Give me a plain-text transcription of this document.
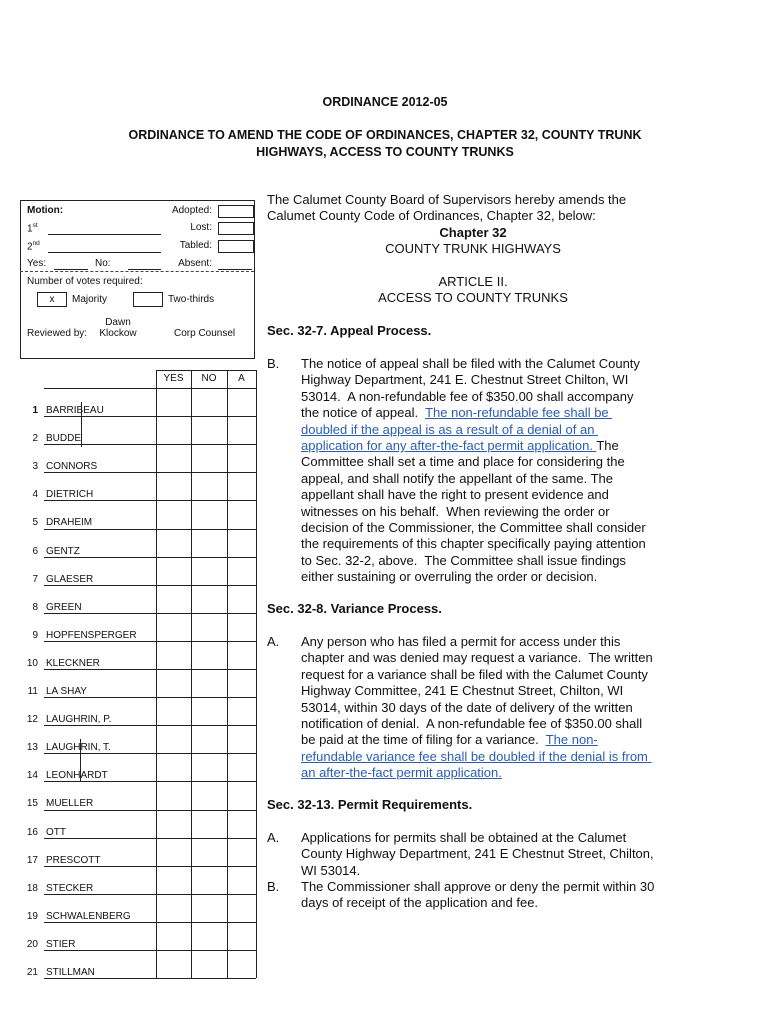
ORDINANCE 2012-05
ORDINANCE TO AMEND THE CODE OF ORDINANCES, CHAPTER 32, COUNTY TRUNK
HIGHWAYS, ACCESS TO COUNTY TRUNKS
Motion:
1st
2nd
Yes:	No:
Adopted:
Lost:
Tabled:
Absent:
Number of votes required:
x	Majority	Two-thirds
Reviewed by:
Dawn
Klockow	Corp Counsel
YES	NO	A
1 BARRIBEAU
2 BUDDE
3 CONNORS
4 DIETRICH
5 DRAHEIM
6 GENTZ
7 GLAESER
8 GREEN
9 HOPFENSPERGER
10 KLECKNER
11 LA SHAY
12 LAUGHRIN, P.
13 LAUGHRIN, T.
14 LEONHARDT
15 MUELLER
16 OTT
17 PRESCOTT
18 STECKER
19 SCHWALENBERG
20 STIER
21 STILLMAN
The Calumet County Board of Supervisors hereby amends the
Calumet County Code of Ordinances, Chapter 32, below:
Chapter 32
COUNTY TRUNK HIGHWAYS
ARTICLE II.
ACCESS TO COUNTY TRUNKS
Sec. 32-7. Appeal Process.
B. The notice of appeal shall be filed with the Calumet County
Highway Department, 241 E. Chestnut Street Chilton, WI
53014.  A non-refundable fee of $350.00 shall accompany
the notice of appeal.  The non-refundable fee shall be
doubled if the appeal is as a result of a denial of an
application for any after-the-fact permit application. The
Committee shall set a time and place for considering the
appeal, and shall notify the appellant of the same. The
appellant shall have the right to present evidence and
witnesses on his behalf.  When reviewing the order or
decision of the Commissioner, the Committee shall consider
the requirements of this chapter specifically paying attention
to Sec. 32-2, above.  The Committee shall issue findings
either sustaining or overruling the order or decision.
Sec. 32-8. Variance Process.
A. Any person who has filed a permit for access under this
chapter and was denied may request a variance.  The written
request for a variance shall be filed with the Calumet County
Highway Committee, 241 E Chestnut Street, Chilton, WI
53014, within 30 days of the date of delivery of the written
notification of denial.  A non-refundable fee of $350.00 shall
be paid at the time of filing for a variance.  The non-
refundable variance fee shall be doubled if the denial is from
an after-the-fact permit application.
Sec. 32-13. Permit Requirements.
A. Applications for permits shall be obtained at the Calumet
County Highway Department, 241 E Chestnut Street, Chilton,
WI 53014.
B. The Commissioner shall approve or deny the permit within 30
days of receipt of the application and fee.
